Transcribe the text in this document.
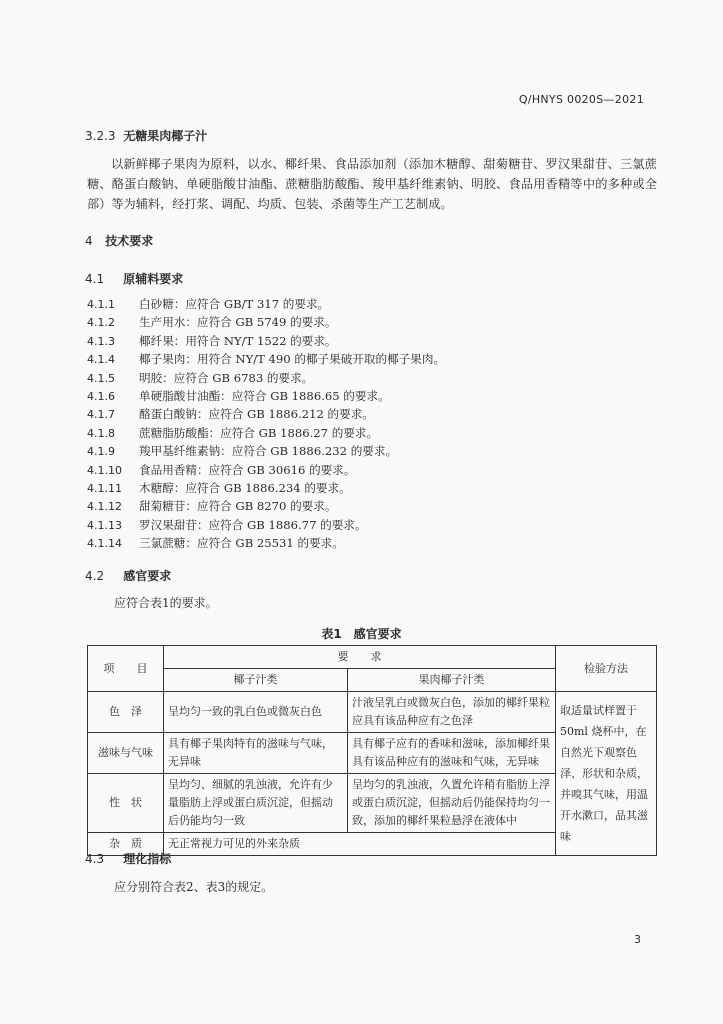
Q/HNYS 0020S—2021
3.2.3 无糖果肉椰子汁
以新鲜椰子果肉为原料，以水、椰纤果、食品添加剂（添加木糖醇、甜菊糖苷、罗汉果甜苷、三氯蔗糖、酪蛋白酸钠、单硬脂酸甘油酯、蔗糖脂肪酸酯、羧甲基纤维素钠、明胶、食品用香精等中的多种或全部）等为辅料，经打浆、调配、均质、包装、杀菌等生产工艺制成。
4 技术要求
4.1 原辅料要求
4.1.1 白砂糖：应符合 GB/T 317 的要求。
4.1.2 生产用水：应符合 GB 5749 的要求。
4.1.3 椰纤果：用符合 NY/T 1522 的要求。
4.1.4 椰子果肉：用符合 NY/T 490 的椰子果破开取的椰子果肉。
4.1.5 明胶：应符合 GB 6783 的要求。
4.1.6 单硬脂酸甘油酯：应符合 GB 1886.65 的要求。
4.1.7 酪蛋白酸钠：应符合 GB 1886.212 的要求。
4.1.8 蔗糖脂肪酸酯：应符合 GB 1886.27 的要求。
4.1.9 羧甲基纤维素钠：应符合 GB 1886.232 的要求。
4.1.10 食品用香精：应符合 GB 30616 的要求。
4.1.11 木糖醇：应符合 GB 1886.234 的要求。
4.1.12 甜菊糖苷：应符合 GB 8270 的要求。
4.1.13 罗汉果甜苷：应符合 GB 1886.77 的要求。
4.1.14 三氯蔗糖：应符合 GB 25531 的要求。
4.2 感官要求
应符合表1的要求。
表1　感官要求
项　　目	要　　求		检验方法
	椰子汁类	果肉椰子汁类	
色　泽	呈均匀一致的乳白色或微灰白色	汁液呈乳白或微灰白色，添加的椰纤果粒应具有该品种应有之色泽	取适量试样置于50ml 烧杯中，在自然光下观察色泽、形状和杂质，并嗅其气味，用温开水漱口，品其滋味
滋味与气味	具有椰子果肉特有的滋味与气味，无异味	具有椰子应有的香味和滋味，添加椰纤果具有该品种应有的滋味和气味，无异味	
性　状	呈均匀、细腻的乳浊液，允许有少量脂肪上浮或蛋白质沉淀，但摇动后仍能均匀一致	呈均匀的乳浊液，久置允许稍有脂肪上浮或蛋白质沉淀，但摇动后仍能保持均匀一致，添加的椰纤果粒悬浮在液体中	
杂　质	无正常视力可见的外来杂质		
4.3 理化指标
应分别符合表2、表3的规定。
3
